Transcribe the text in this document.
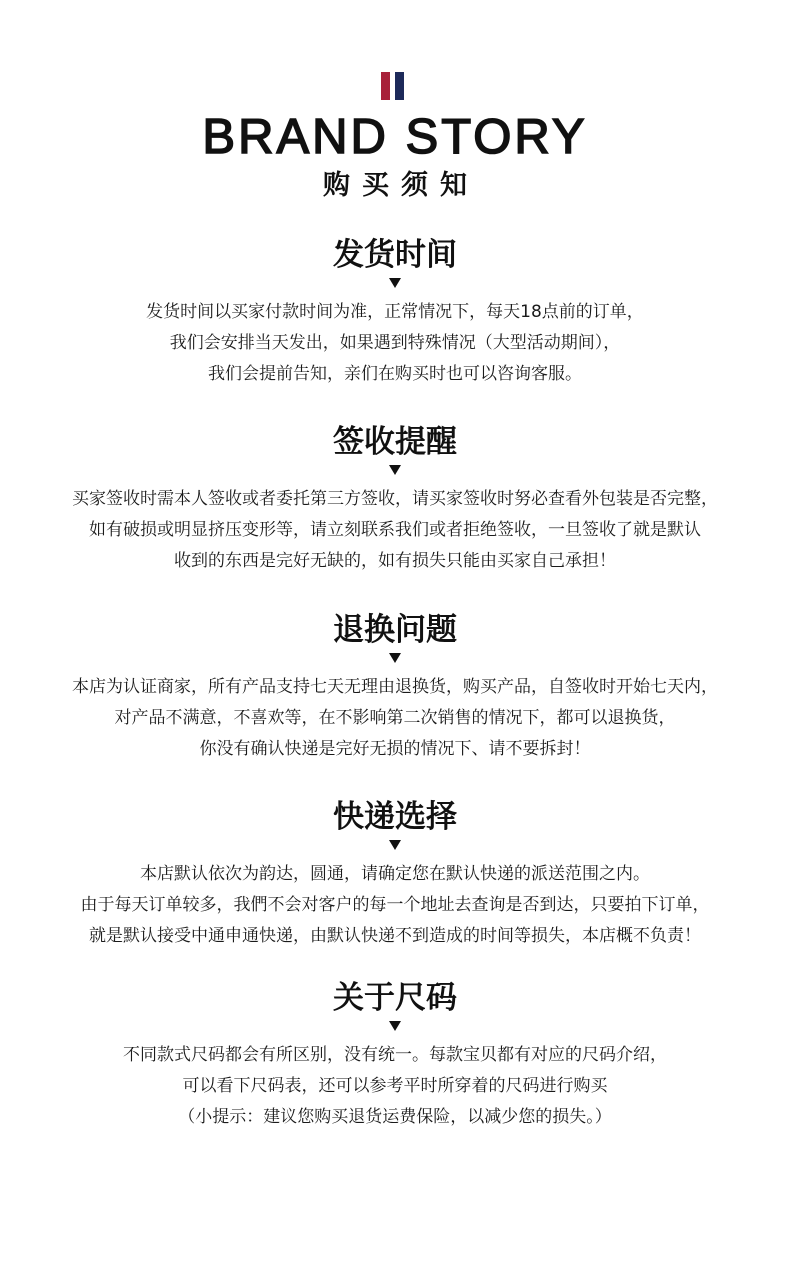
BRAND STORY
购买须知
发货时间
发货时间以买家付款时间为准，正常情况下，每天18点前的订单，
我们会安排当天发出，如果遇到特殊情况（大型活动期间），
我们会提前告知，亲们在购买时也可以咨询客服。
签收提醒
买家签收时需本人签收或者委托第三方签收，请买家签收时努必查看外包装是否完整，
如有破损或明显挤压变形等，请立刻联系我们或者拒绝签收，一旦签收了就是默认
收到的东西是完好无缺的，如有损失只能由买家自己承担！
退换问题
本店为认证商家，所有产品支持七天无理由退换货，购买产品，自签收时开始七天内，
对产品不满意，不喜欢等，在不影响第二次销售的情况下，都可以退换货，
你没有确认快递是完好无损的情况下、请不要拆封！
快递选择
本店默认依次为韵达，圆通，请确定您在默认快递的派送范围之内。
由于每天订单较多，我們不会对客户的每一个地址去查询是否到达，只要拍下订单，
就是默认接受中通申通快递，由默认快递不到造成的时间等损失，本店概不负责！
关于尺码
不同款式尺码都会有所区别，没有统一。每款宝贝都有对应的尺码介绍，
可以看下尺码表，还可以参考平时所穿着的尺码进行购买
（小提示：建议您购买退货运费保险，以减少您的损失。）
